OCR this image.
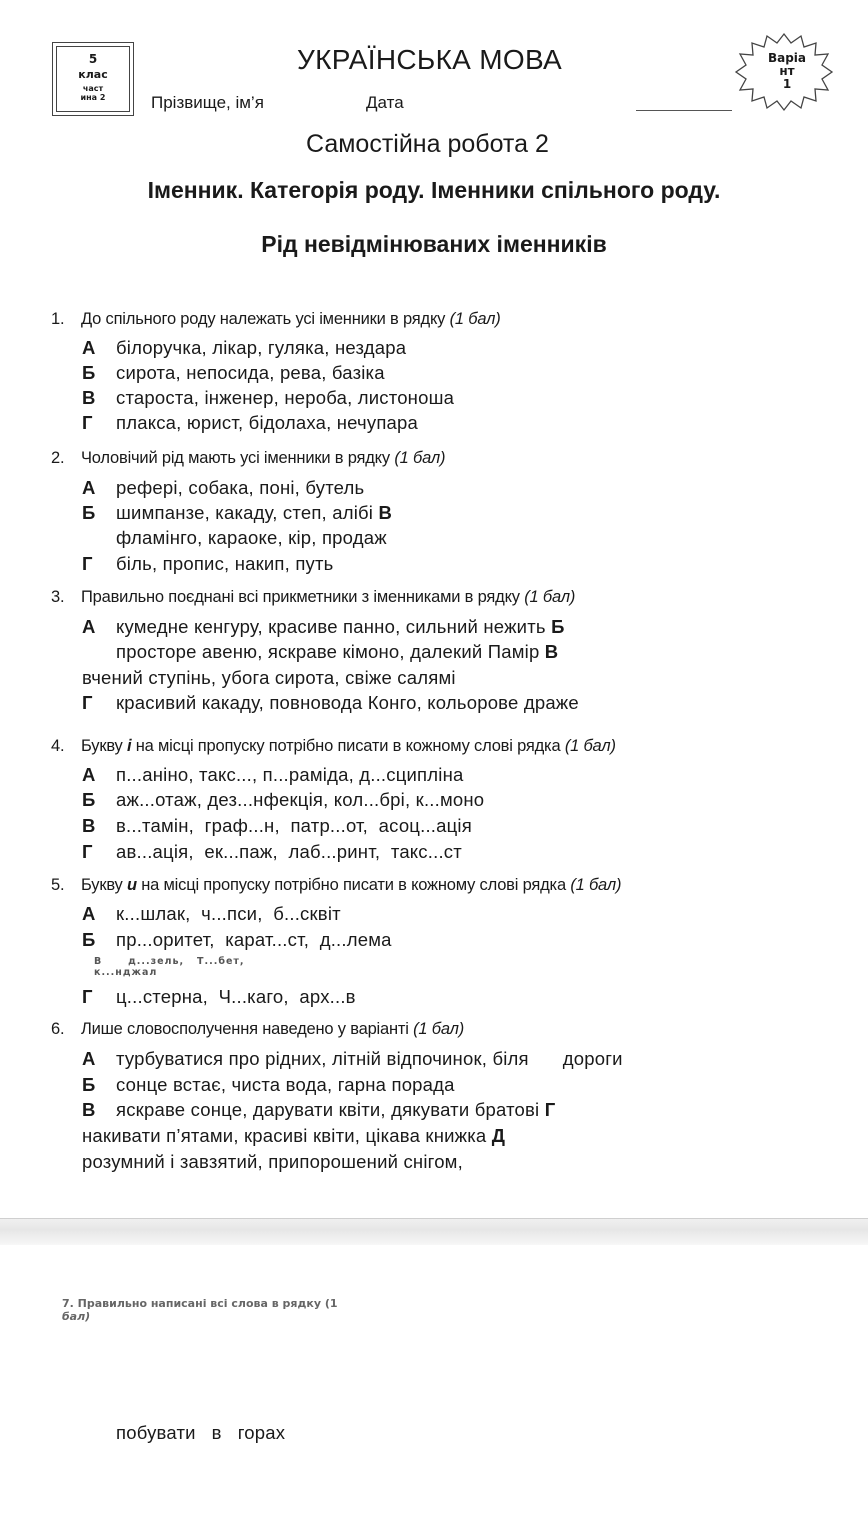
5
клас
част
ина 2
УКРАЇНСЬКА МОВА
Прізвище, ім’я	Дата
Варіа
нт
1
Самостійна робота 2
Іменник. Категорія роду. Іменники спільного роду.
Рід невідмінюваних іменників
1. До спільного роду належать усі іменники в рядку (1 бал)
А білоручка, лікар, гуляка, нездара
Б сирота, непосида, рева, базіка
В староста, інженер, нероба, листоноша
Г плакса, юрист, бідолаха, нечупара
2. Чоловічий рід мають усі іменники в рядку (1 бал)
А рефері, собака, поні, бутель
Б шимпанзе, какаду, степ, алібі В
фламінго, караоке, кір, продаж
Г біль, пропис, накип, путь
3. Правильно поєднані всі прикметники з іменниками в рядку (1 бал)
А кумедне кенгуру, красиве панно, сильний нежить Б
просторе авеню, яскраве кімоно, далекий Памір В
вчений ступінь, убога сирота, свіже салямі
Г красивий какаду, повновода Конго, кольорове драже
4. Букву і на місці пропуску потрібно писати в кожному слові рядка (1 бал)
А п...аніно, такс..., п...раміда, д...сципліна
Б аж...отаж, дез...нфекція, кол...брі, к...моно
В в...тамін,  граф...н,  патр...от,  асоц...ація
Г ав...ація,  ек...паж,  лаб...ринт,  такс...ст
5. Букву и на місці пропуску потрібно писати в кожному слові рядка (1 бал)
А к...шлак,  ч...пси,  б...сквіт
Б пр...оритет,  карат...ст,  д...лема
В      д...зель,   Т...бет,
к...нджал
Г ц...стерна,  Ч...каго,  арх...в
6. Лише словосполучення наведено у варіанті (1 бал)
А турбуватися про рідних, літній відпочинок, біля дороги
Б сонце встає, чиста вода, гарна порада
В яскраве сонце, дарувати квіти, дякувати братові Г
накивати п’ятами, красиві квіти, цікава книжка Д
розумний і завзятий, припорошений снігом,
7. Правильно написані всі слова в рядку (1
бал)
побувати   в   горах
